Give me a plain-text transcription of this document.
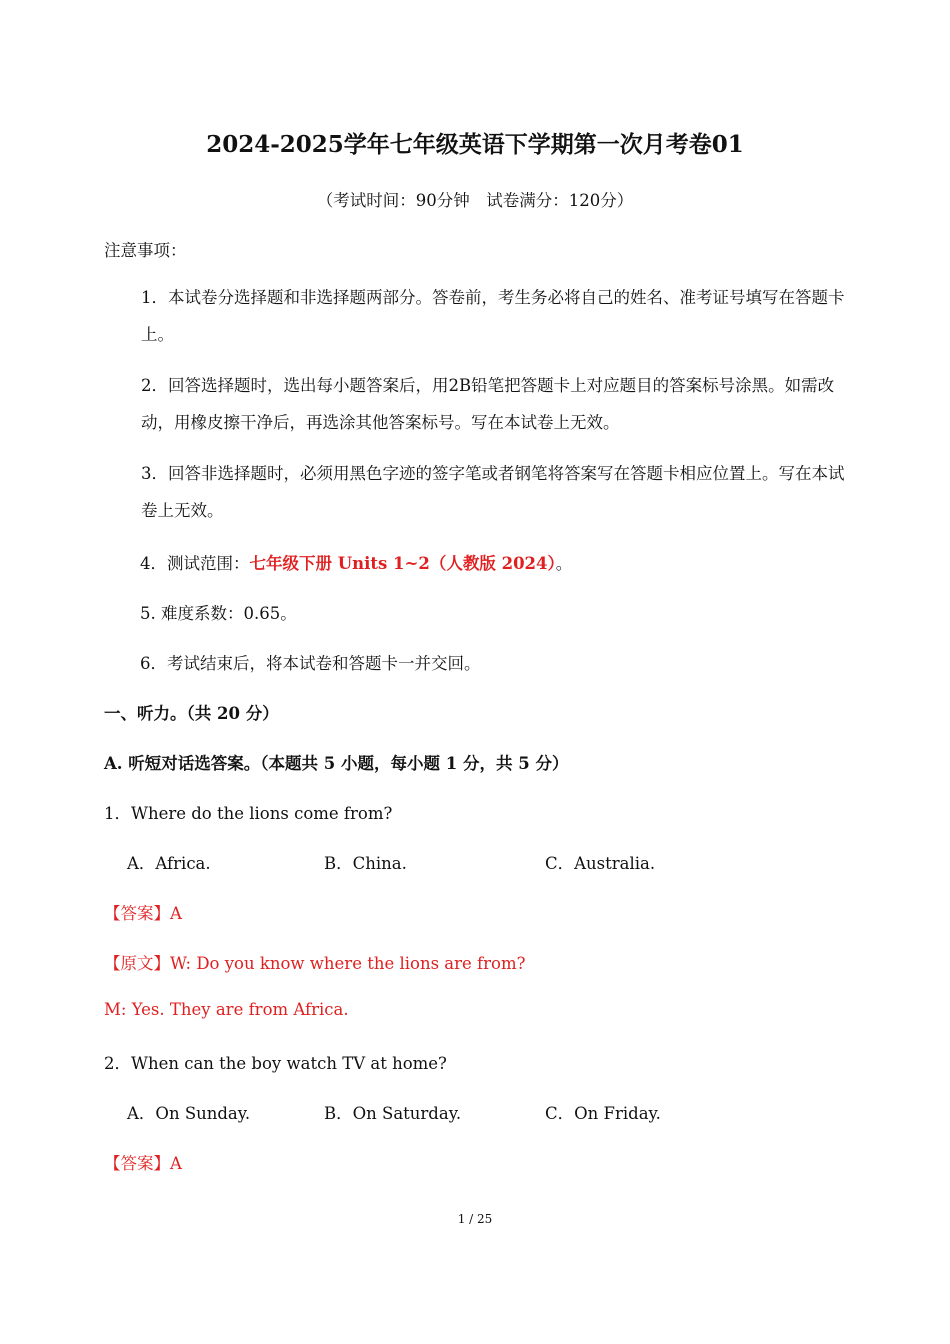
2024-2025学年七年级英语下学期第一次月考卷01
（考试时间：90分钟　试卷满分：120分）
注意事项：
1．本试卷分选择题和非选择题两部分。答卷前，考生务必将自己的姓名、准考证号填写在答题卡上。
2．回答选择题时，选出每小题答案后，用2B铅笔把答题卡上对应题目的答案标号涂黑。如需改动，用橡皮擦干净后，再选涂其他答案标号。写在本试卷上无效。
3．回答非选择题时，必须用黑色字迹的签字笔或者钢笔将答案写在答题卡相应位置上。写在本试卷上无效。
4．测试范围：七年级下册 Units 1~2（人教版 2024）。
5. 难度系数：0.65。
6．考试结束后，将本试卷和答题卡一并交回。
一、听力。（共 20 分）
A. 听短对话选答案。（本题共 5 小题，每小题 1 分，共 5 分）
1．Where do the lions come from?
A．Africa.	B．China.	C．Australia.
【答案】A
【原文】W: Do you know where the lions are from?
M: Yes. They are from Africa.
2．When can the boy watch TV at home?
A．On Sunday.	B．On Saturday.	C．On Friday.
【答案】A
1 / 25
